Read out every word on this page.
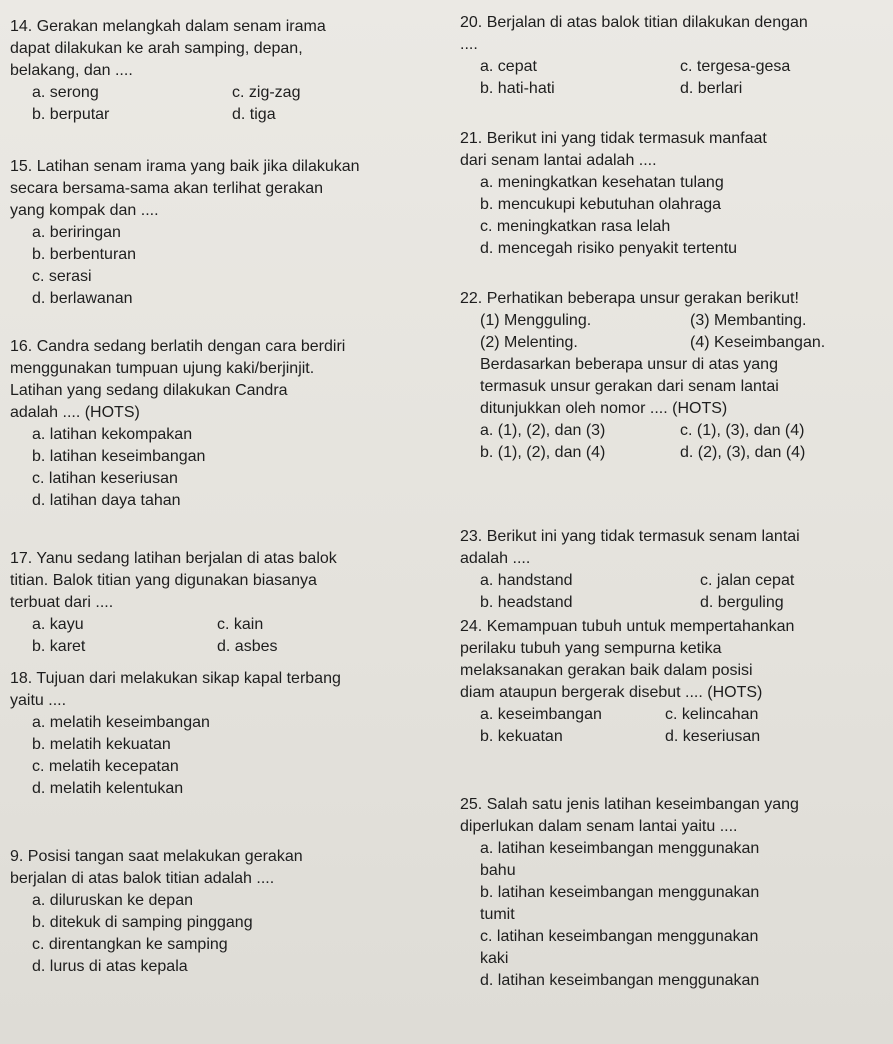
14. Gerakan melangkah dalam senam irama
dapat dilakukan ke arah samping, depan,
belakang, dan ....
a. serong	c. zig-zag
b. berputar	d. tiga
15. Latihan senam irama yang baik jika dilakukan
secara bersama-sama akan terlihat gerakan
yang kompak dan ....
a. beriringan
b. berbenturan
c. serasi
d. berlawanan
16. Candra sedang berlatih dengan cara berdiri
menggunakan tumpuan ujung kaki/berjinjit.
Latihan yang sedang dilakukan Candra
adalah .... (HOTS)
a. latihan kekompakan
b. latihan keseimbangan
c. latihan keseriusan
d. latihan daya tahan
17. Yanu sedang latihan berjalan di atas balok
titian. Balok titian yang digunakan biasanya
terbuat dari ....
a. kayu	c. kain
b. karet	d. asbes
18. Tujuan dari melakukan sikap kapal terbang
yaitu ....
a. melatih keseimbangan
b. melatih kekuatan
c. melatih kecepatan
d. melatih kelentukan
9. Posisi tangan saat melakukan gerakan
berjalan di atas balok titian adalah ....
a. diluruskan ke depan
b. ditekuk di samping pinggang
c. direntangkan ke samping
d. lurus di atas kepala
20. Berjalan di atas balok titian dilakukan dengan
....
a. cepat	c. tergesa-gesa
b. hati-hati	d. berlari
21. Berikut ini yang tidak termasuk manfaat
dari senam lantai adalah ....
a. meningkatkan kesehatan tulang
b. mencukupi kebutuhan olahraga
c. meningkatkan rasa lelah
d. mencegah risiko penyakit tertentu
22. Perhatikan beberapa unsur gerakan berikut!
(1) Mengguling.	(3) Membanting.
(2) Melenting.	(4) Keseimbangan.
Berdasarkan beberapa unsur di atas yang
termasuk unsur gerakan dari senam lantai
ditunjukkan oleh nomor .... (HOTS)
a. (1), (2), dan (3)	c. (1), (3), dan (4)
b. (1), (2), dan (4)	d. (2), (3), dan (4)
23. Berikut ini yang tidak termasuk senam lantai
adalah ....
a. handstand	c. jalan cepat
b. headstand	d. berguling
24. Kemampuan tubuh untuk mempertahankan
perilaku tubuh yang sempurna ketika
melaksanakan gerakan baik dalam posisi
diam ataupun bergerak disebut .... (HOTS)
a. keseimbangan	c. kelincahan
b. kekuatan	d. keseriusan
25. Salah satu jenis latihan keseimbangan yang
diperlukan dalam senam lantai yaitu ....
a. latihan keseimbangan menggunakan
bahu
b. latihan keseimbangan menggunakan
tumit
c. latihan keseimbangan menggunakan
kaki
d. latihan keseimbangan menggunakan
